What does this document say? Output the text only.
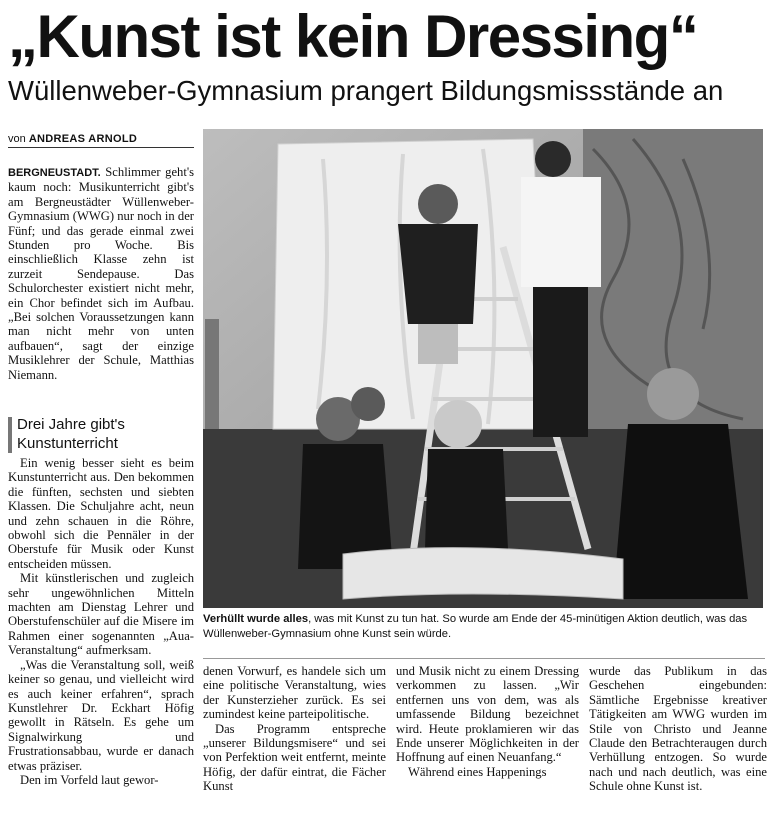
„Kunst ist kein Dressing“
Wüllenweber-Gymnasium prangert Bildungsmissstände an
von ANDREAS ARNOLD

BERGNEUSTADT. Schlimmer geht's kaum noch: Musikunterricht gibt's am Bergneustädter Wüllenweber-Gymnasium (WWG) nur noch in der Fünf; und das gerade einmal zwei Stunden pro Woche. Bis einschließlich Klasse zehn ist zurzeit Sendepause. Das Schulorchester existiert nicht mehr, ein Chor befindet sich im Aufbau. „Bei solchen Voraussetzungen kann man nicht mehr von unten aufbauen“, sagt der einzige Musiklehrer der Schule, Matthias Niemann.

Drei Jahre gibt's Kunstunterricht

Ein wenig besser sieht es beim Kunstunterricht aus. Den bekommen die fünften, sechsten und siebten Klassen. Die Schuljahre acht, neun und zehn schauen in die Röhre, obwohl sich die Pennäler in der Oberstufe für Musik oder Kunst entscheiden müssen.

Mit künstlerischen und zugleich sehr ungewöhnlichen Mitteln machten am Dienstag Lehrer und Oberstufenschüler auf die Misere im Rahmen einer sogenannten „Aua-Veranstaltung“ aufmerksam.

„Was die Veranstaltung soll, weiß keiner so genau, und vielleicht wird es auch keiner erfahren“, sprach Kunstlehrer Dr. Eckhart Höfig gewollt in Rätseln. Es gehe um Signalwirkung und Frustrationsabbau, wurde er danach etwas präziser.

Den im Vorfeld laut gewor-

Verhüllt wurde alles, was mit Kunst zu tun hat. So wurde am Ende der 45-minütigen Aktion deutlich, was das Wüllenweber-Gymnasium ohne Kunst sein würde.

denen Vorwurf, es handele sich um eine politische Veranstaltung, wies der Kunsterzieher zurück. Es sei zumindest keine parteipolitische.

Das Programm entspreche „unserer Bildungsmisere“ und sei von Perfektion weit entfernt, meinte Höfig, der dafür eintrat, die Fächer Kunst

und Musik nicht zu einem Dressing verkommen zu lassen. „Wir entfernen uns von dem, was als umfassende Bildung bezeichnet wird. Heute proklamieren wir das Ende unserer Möglichkeiten in der Hoffnung auf einen Neuanfang.“

Während eines Happenings

wurde das Publikum in das Geschehen eingebunden: Sämtliche Ergebnisse kreativer Tätigkeiten am WWG wurden im Stile von Christo und Jeanne Claude den Betrachteraugen durch Verhüllung entzogen. So wurde nach und nach deutlich, was eine Schule ohne Kunst ist.
